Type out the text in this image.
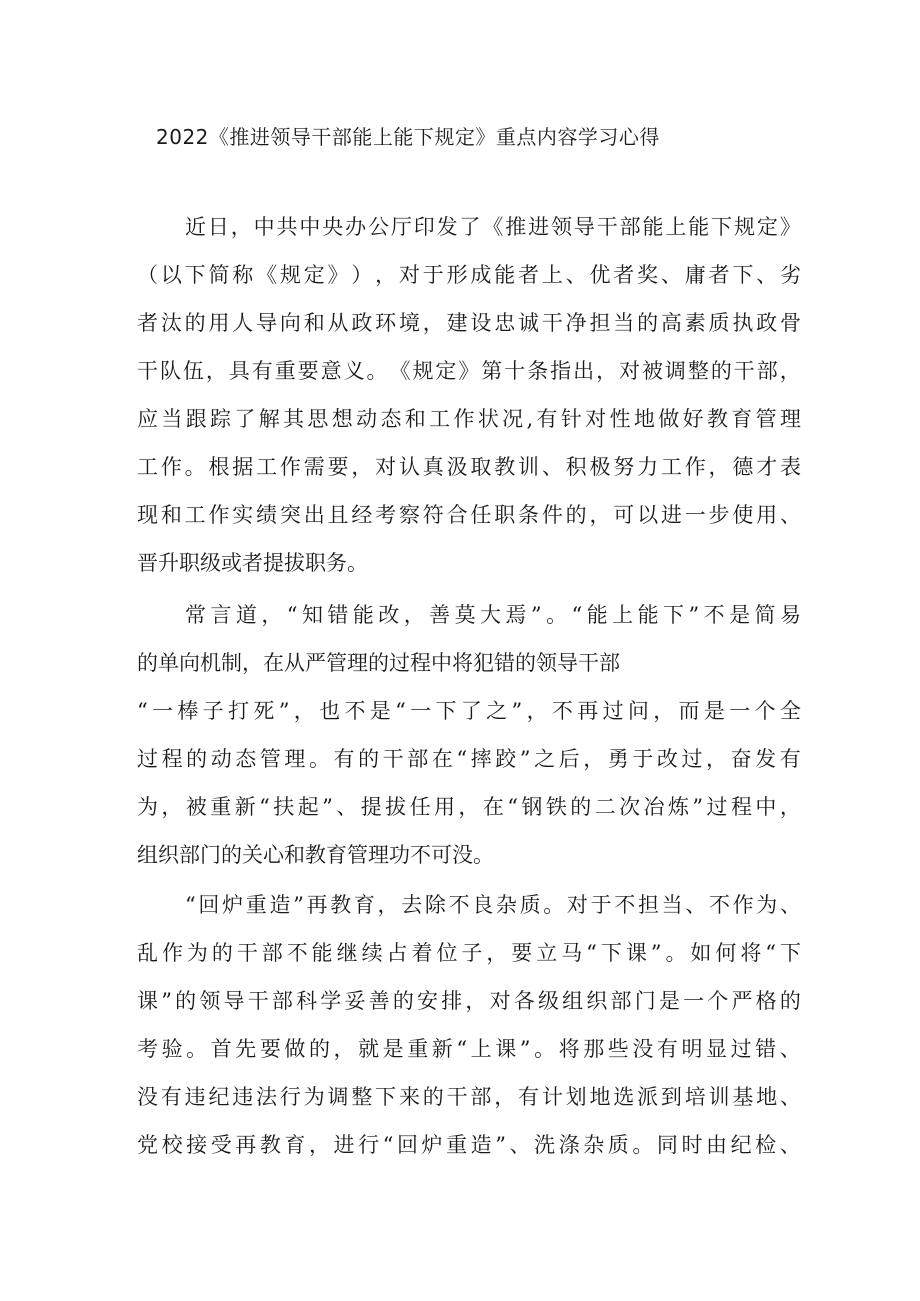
2022《推进领导干部能上能下规定》重点内容学习心得
近 日 ， 中 共 中 央 办 公 厅 印 发 了 《 推 进 领 导 干 部 能 上 能 下 规 定 》
（ 以 下 简 称 《 规 定 》 ） ， 对 于 形 成 能 者 上 、 优 者 奖 、 庸 者 下 、 劣
者 汰 的 用 人 导 向 和 从 政 环 境 ， 建 设 忠 诚 干 净 担 当 的 高 素 质 执 政 骨
干 队 伍 ， 具 有 重 要 意 义 。 《 规 定 》 第 十 条 指 出 ， 对 被 调 整 的 干 部 ，
应 当 跟 踪 了 解 其 思 想 动 态 和 工 作 状 况 , 有 针 对 性 地 做 好 教 育 管 理
工 作 。 根 据 工 作 需 要 ， 对 认 真 汲 取 教 训 、 积 极 努 力 工 作 ， 德 才 表
现 和 工 作 实 绩 突 出 且 经 考 察 符 合 任 职 条 件 的 ， 可 以 进 一 步 使 用 、
晋升职级或者提拔职务。
常 言 道 ， “ 知 错 能 改 ， 善 莫 大 焉 ” 。 “ 能 上 能 下 ” 不 是 简 易
的单向机制，在从严管理的过程中将犯错的领导干部
“ 一 棒 子 打 死 ” ， 也 不 是 “ 一 下 了 之 ” ， 不 再 过 问 ， 而 是 一 个 全
过 程 的 动 态 管 理 。 有 的 干 部 在 “ 摔 跤 ” 之 后 ， 勇 于 改 过 ， 奋 发 有
为 ， 被 重 新 “ 扶 起 ” 、 提 拔 任 用 ， 在 “ 钢 铁 的 二 次 冶 炼 ” 过 程 中 ，
组织部门的关心和教育管理功不可没。
“ 回 炉 重 造 ” 再 教 育 ， 去 除 不 良 杂 质 。 对 于 不 担 当 、 不 作 为 、
乱 作 为 的 干 部 不 能 继 续 占 着 位 子 ， 要 立 马 “ 下 课 ” 。 如 何 将 “ 下
课 ” 的 领 导 干 部 科 学 妥 善 的 安 排 ， 对 各 级 组 织 部 门 是 一 个 严 格 的
考 验 。 首 先 要 做 的 ， 就 是 重 新 “ 上 课 ” 。 将 那 些 没 有 明 显 过 错 、
没 有 违 纪 违 法 行 为 调 整 下 来 的 干 部 ， 有 计 划 地 选 派 到 培 训 基 地 、
党 校 接 受 再 教 育 ， 进 行 “ 回 炉 重 造 ” 、 洗 涤 杂 质 。 同 时 由 纪 检 、
